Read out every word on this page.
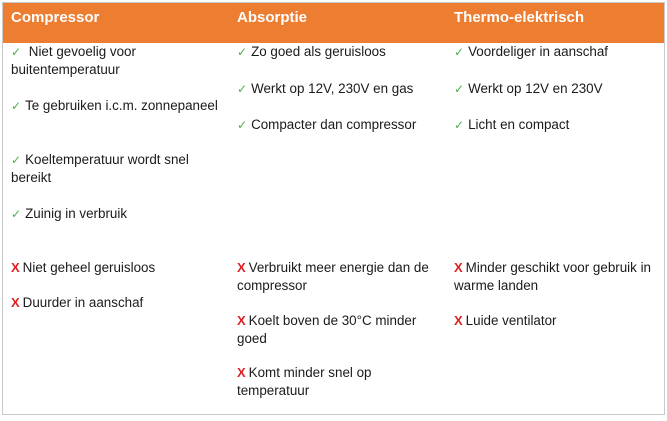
Compressor	Absorptie	Thermo-elektrisch
✓ Niet gevoelig voor buitentemperatuur
✓ Te gebruiken i.c.m. zonnepaneel
✓ Koeltemperatuur wordt snel bereikt
✓ Zuinig in verbruik
X Niet geheel geruisloos
X Duurder in aanschaf
✓ Zo goed als geruisloos
✓ Werkt op 12V, 230V en gas
✓ Compacter dan compressor
X Verbruikt meer energie dan de compressor
X Koelt boven de 30°C minder goed
X Komt minder snel op temperatuur
✓ Voordeliger in aanschaf
✓ Werkt op 12V en 230V
✓ Licht en compact
X Minder geschikt voor gebruik in warme landen
X Luide ventilator
